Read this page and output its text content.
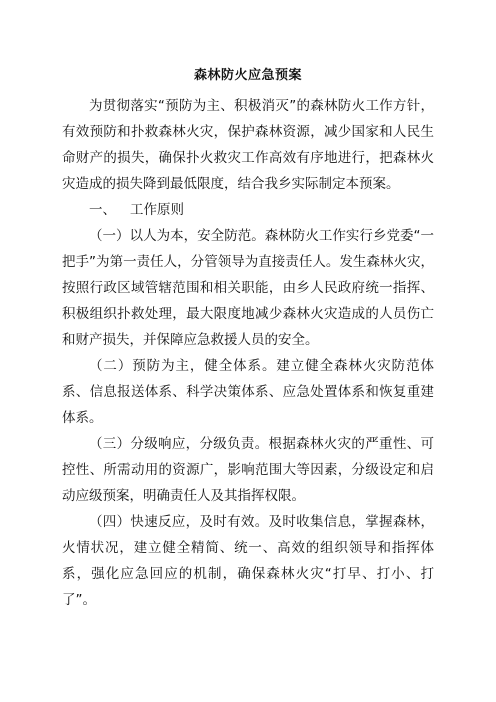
森林防火应急预案

为贯彻落实“预防为主、积极消灭”的森林防火工作方针，有效预防和扑救森林火灾，保护森林资源，减少国家和人民生命财产的损失，确保扑火救灾工作高效有序地进行，把森林火灾造成的损失降到最低限度，结合我乡实际制定本预案。

一、 工作原则

（一）以人为本，安全防范。森林防火工作实行乡党委“一把手”为第一责任人，分管领导为直接责任人。发生森林火灾，按照行政区域管辖范围和相关职能，由乡人民政府统一指挥、积极组织扑救处理，最大限度地减少森林火灾造成的人员伤亡和财产损失，并保障应急救援人员的安全。

（二）预防为主，健全体系。建立健全森林火灾防范体系、信息报送体系、科学决策体系、应急处置体系和恢复重建体系。

（三）分级响应，分级负责。根据森林火灾的严重性、可控性、所需动用的资源广，影响范围大等因素，分级设定和启动应级预案，明确责任人及其指挥权限。

（四）快速反应，及时有效。及时收集信息，掌握森林，火情状况，建立健全精简、统一、高效的组织领导和指挥体系，强化应急回应的机制，确保森林火灾“打早、打小、打了”。
